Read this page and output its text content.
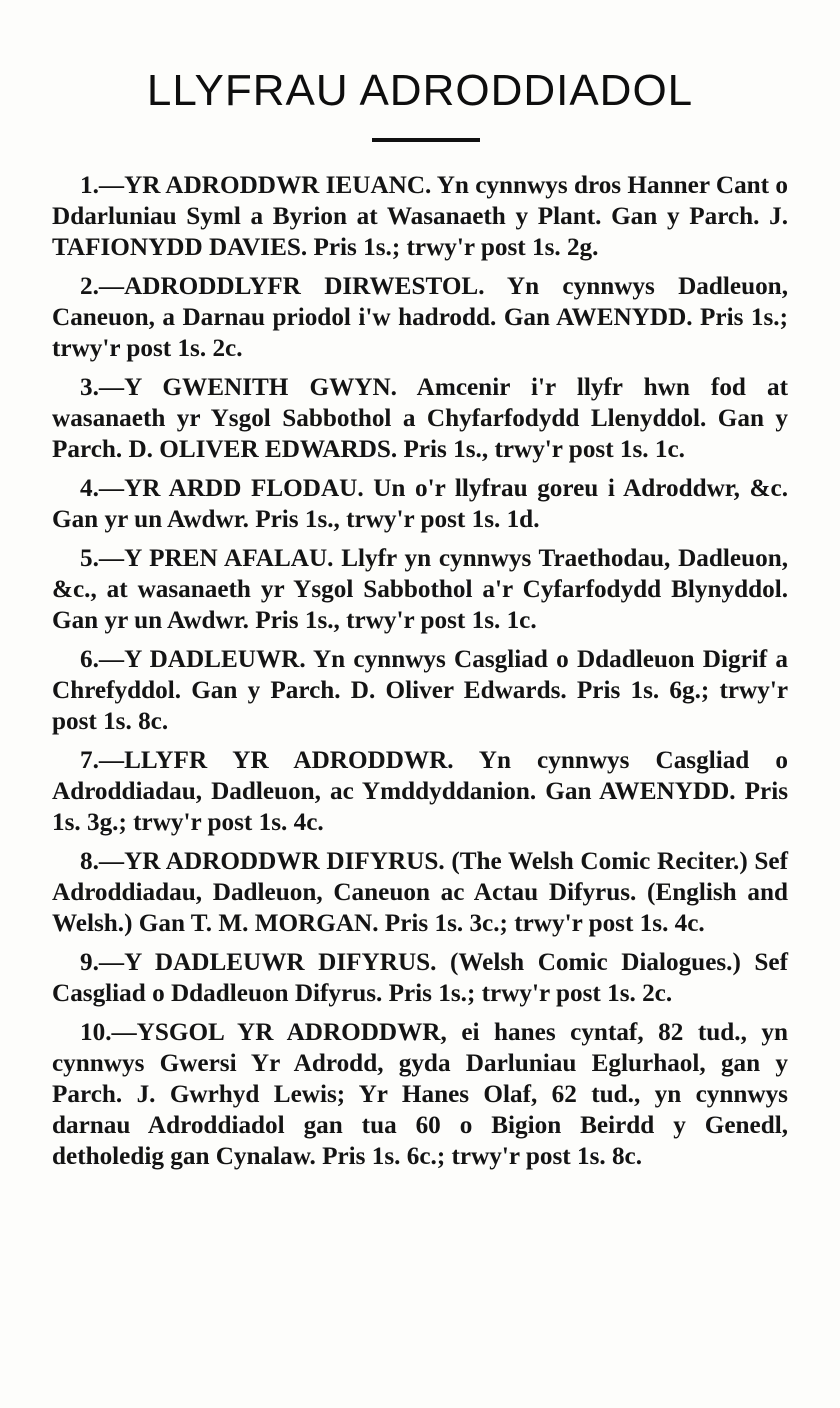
LLYFRAU ADRODDIADOL

1.—YR ADRODDWR IEUANC. Yn cynnwys dros Hanner Cant o Ddarluniau Syml a Byrion at Wasanaeth y Plant. Gan y Parch. J. TAFIONYDD DAVIES. Pris 1s.; trwy'r post 1s. 2g.

2.—ADRODDLYFR DIRWESTOL. Yn cynnwys Dadleuon, Caneuon, a Darnau priodol i'w hadrodd. Gan AWENYDD. Pris 1s.; trwy'r post 1s. 2c.

3.—Y GWENITH GWYN. Amcenir i'r llyfr hwn fod at wasanaeth yr Ysgol Sabbothol a Chyfarfodydd Llenyddol. Gan y Parch. D. OLIVER EDWARDS. Pris 1s., trwy'r post 1s. 1c.

4.—YR ARDD FLODAU. Un o'r llyfrau goreu i Adroddwr, &c. Gan yr un Awdwr. Pris 1s., trwy'r post 1s. 1d.

5.—Y PREN AFALAU. Llyfr yn cynnwys Traethodau, Dadleuon, &c., at wasanaeth yr Ysgol Sabbothol a'r Cyfarfodydd Blynyddol. Gan yr un Awdwr. Pris 1s., trwy'r post 1s. 1c.

6.—Y DADLEUWR. Yn cynnwys Casgliad o Ddadleuon Digrif a Chrefyddol. Gan y Parch. D. Oliver Edwards. Pris 1s. 6g.; trwy'r post 1s. 8c.

7.—LLYFR YR ADRODDWR. Yn cynnwys Casgliad o Adroddiadau, Dadleuon, ac Ymddyddanion. Gan AWENYDD. Pris 1s. 3g.; trwy'r post 1s. 4c.

8.—YR ADRODDWR DIFYRUS. (The Welsh Comic Reciter.) Sef Adroddiadau, Dadleuon, Caneuon ac Actau Difyrus. (English and Welsh.) Gan T. M. MORGAN. Pris 1s. 3c.; trwy'r post 1s. 4c.

9.—Y DADLEUWR DIFYRUS. (Welsh Comic Dialogues.) Sef Casgliad o Ddadleuon Difyrus. Pris 1s.; trwy'r post 1s. 2c.

10.—YSGOL YR ADRODDWR, ei hanes cyntaf, 82 tud., yn cynnwys Gwersi Yr Adrodd, gyda Darluniau Eglurhaol, gan y Parch. J. Gwrhyd Lewis; Yr Hanes Olaf, 62 tud., yn cynnwys darnau Adroddiadol gan tua 60 o Bigion Beirdd y Genedl, detholedig gan Cynalaw. Pris 1s. 6c.; trwy'r post 1s. 8c.
